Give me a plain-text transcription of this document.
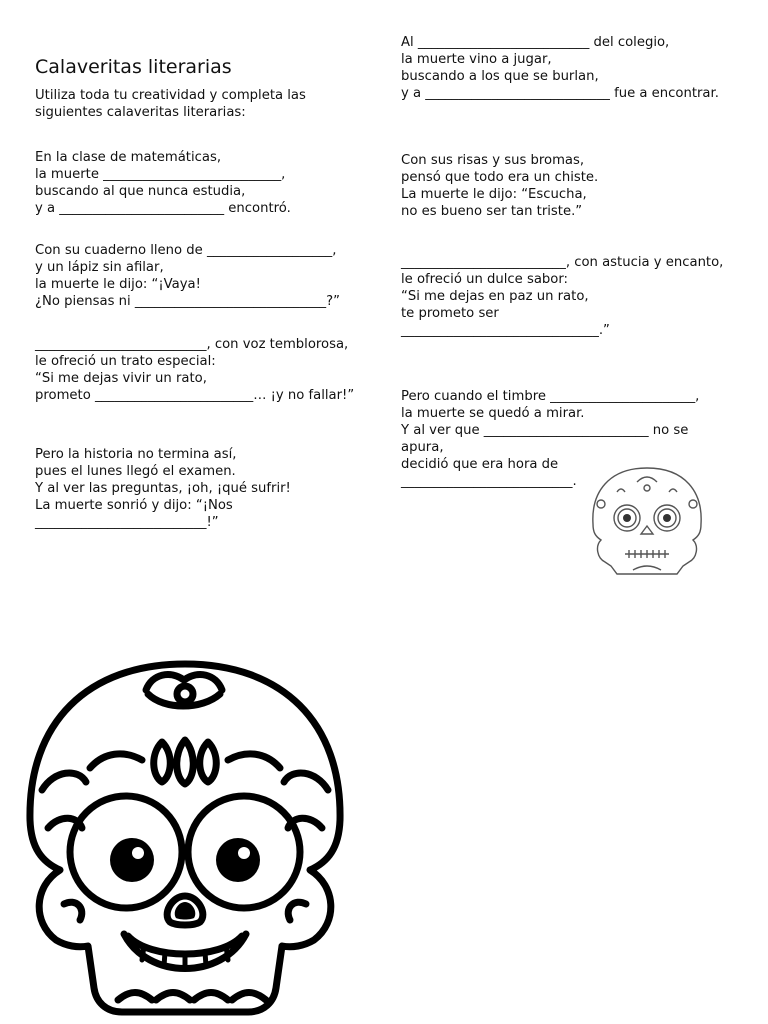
Calaveritas literarias

Utiliza toda tu creatividad y completa las siguientes calaveritas literarias:

En la clase de matemáticas,
la muerte ___________________________,
buscando al que nunca estudia,
y a _________________________ encontró.

Con su cuaderno lleno de ___________________,
y un lápiz sin afilar,
la muerte le dijo: “¡Vaya!
¿No piensas ni _____________________________?”

__________________________, con voz temblorosa,
le ofreció un trato especial:
“Si me dejas vivir un rato,
prometo ________________________… ¡y no fallar!”

Pero la historia no termina así,
pues el lunes llegó el examen.
Y al ver las preguntas, ¡oh, ¡qué sufrir!
La muerte sonrió y dijo: “¡Nos __________________________!”

Al __________________________ del colegio,
la muerte vino a jugar,
buscando a los que se burlan,
y a ____________________________ fue a encontrar.

Con sus risas y sus bromas,
pensó que todo era un chiste.
La muerte le dijo: “Escucha,
no es bueno ser tan triste.”

_________________________, con astucia y encanto,
le ofreció un dulce sabor:
“Si me dejas en paz un rato,
te prometo ser
______________________________.”

Pero cuando el timbre ______________________,
la muerte se quedó a mirar.
Y al ver que _________________________ no se apura,
decidió que era hora de
__________________________.
